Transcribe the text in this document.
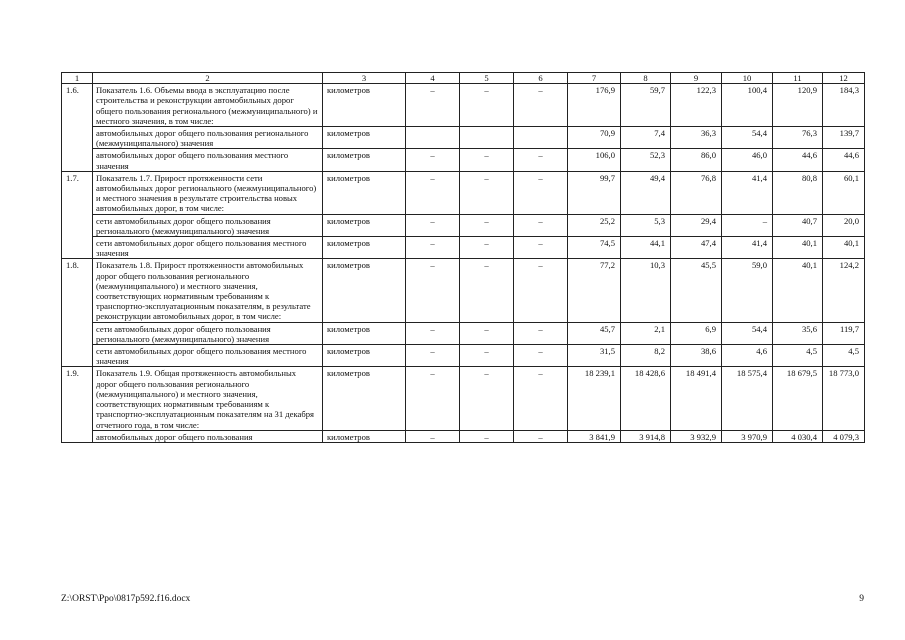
1	2	3	4	5	6	7	8	9	10	11	12
1.6.	Показатель 1.6. Объемы ввода в эксплуатацию после строительства и реконструкции автомобильных дорог общего пользования регионального (межмуниципального) и местного значения, в том числе:	километров	–	–	–	176,9	59,7	122,3	100,4	120,9	184,3
	автомобильных дорог общего пользования регионального (межмуниципального) значения	километров				70,9	7,4	36,3	54,4	76,3	139,7
	автомобильных дорог общего пользования местного значения	километров	–	–	–	106,0	52,3	86,0	46,0	44,6	44,6
1.7.	Показатель 1.7. Прирост протяженности сети автомобильных дорог регионального (межмуниципального) и местного значения в результате строительства новых автомобильных дорог, в том числе:	километров	–	–	–	99,7	49,4	76,8	41,4	80,8	60,1
	сети автомобильных дорог общего пользования регионального (межмуниципального) значения	километров	–	–	–	25,2	5,3	29,4	–	40,7	20,0
	сети автомобильных дорог общего пользования местного значения	километров	–	–	–	74,5	44,1	47,4	41,4	40,1	40,1
1.8.	Показатель 1.8. Прирост протяженности автомобильных дорог общего пользования регионального (межмуниципального) и местного значения, соответствующих нормативным требованиям к транспортно-эксплуатационным показателям, в результате реконструкции автомобильных дорог, в том числе:	километров	–	–	–	77,2	10,3	45,5	59,0	40,1	124,2
	сети автомобильных дорог общего пользования регионального (межмуниципального) значения	километров	–	–	–	45,7	2,1	6,9	54,4	35,6	119,7
	сети автомобильных дорог общего пользования местного значения	километров	–	–	–	31,5	8,2	38,6	4,6	4,5	4,5
1.9.	Показатель 1.9. Общая протяженность автомобильных дорог общего пользования регионального (межмуниципального) и местного значения, соответствующих нормативным требованиям к транспортно-эксплуатационным показателям на 31 декабря отчетного года, в том числе:	километров	–	–	–	18 239,1	18 428,6	18 491,4	18 575,4	18 679,5	18 773,0
	автомобильных дорог общего пользования	километров	–	–	–	3 841,9	3 914,8	3 932,9	3 970,9	4 030,4	4 079,3
Z:\ORST\Ppo\0817p592.f16.docx	9
